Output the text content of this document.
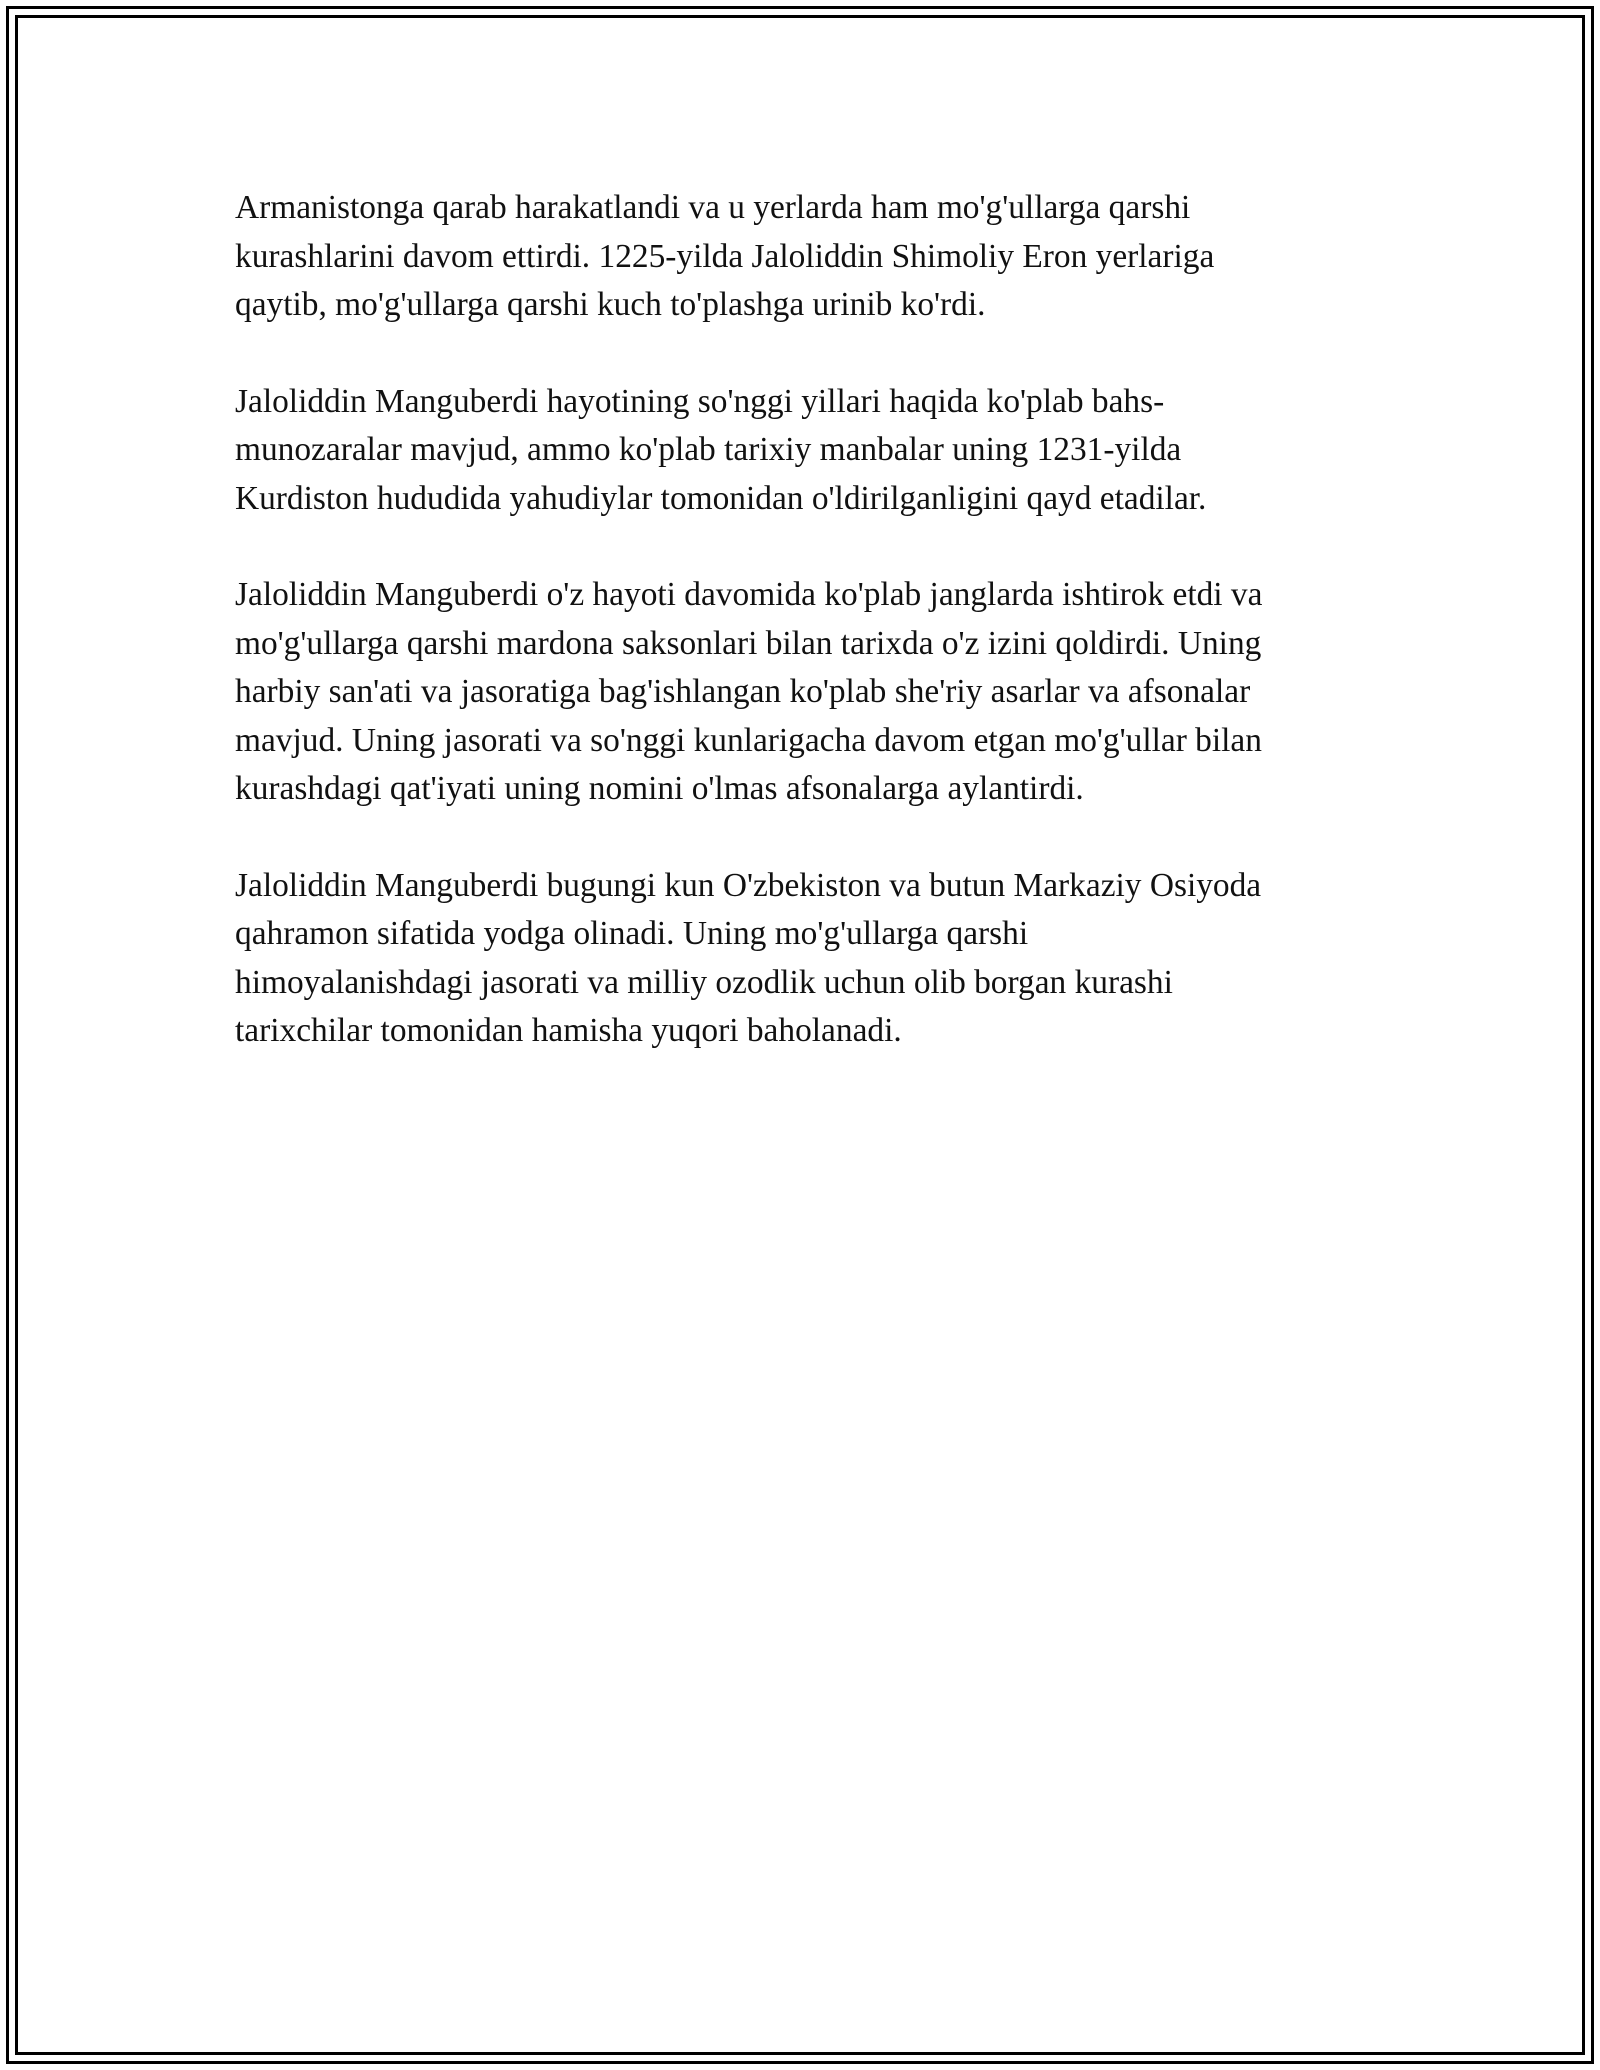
Armanistonga qarab harakatlandi va u yerlarda ham mo'g'ullarga qarshi
kurashlarini davom ettirdi. 1225-yilda Jaloliddin Shimoliy Eron yerlariga
qaytib, mo'g'ullarga qarshi kuch to'plashga urinib ko'rdi.

Jaloliddin Manguberdi hayotining so'nggi yillari haqida ko'plab bahs-
munozaralar mavjud, ammo ko'plab tarixiy manbalar uning 1231-yilda
Kurdiston hududida yahudiylar tomonidan o'ldirilganligini qayd etadilar.

Jaloliddin Manguberdi o'z hayoti davomida ko'plab janglarda ishtirok etdi va
mo'g'ullarga qarshi mardona saksonlari bilan tarixda o'z izini qoldirdi. Uning
harbiy san'ati va jasoratiga bag'ishlangan ko'plab she'riy asarlar va afsonalar
mavjud. Uning jasorati va so'nggi kunlarigacha davom etgan mo'g'ullar bilan
kurashdagi qat'iyati uning nomini o'lmas afsonalarga aylantirdi.

Jaloliddin Manguberdi bugungi kun O'zbekiston va butun Markaziy Osiyoda
qahramon sifatida yodga olinadi. Uning mo'g'ullarga qarshi
himoyalanishdagi jasorati va milliy ozodlik uchun olib borgan kurashi
tarixchilar tomonidan hamisha yuqori baholanadi.
